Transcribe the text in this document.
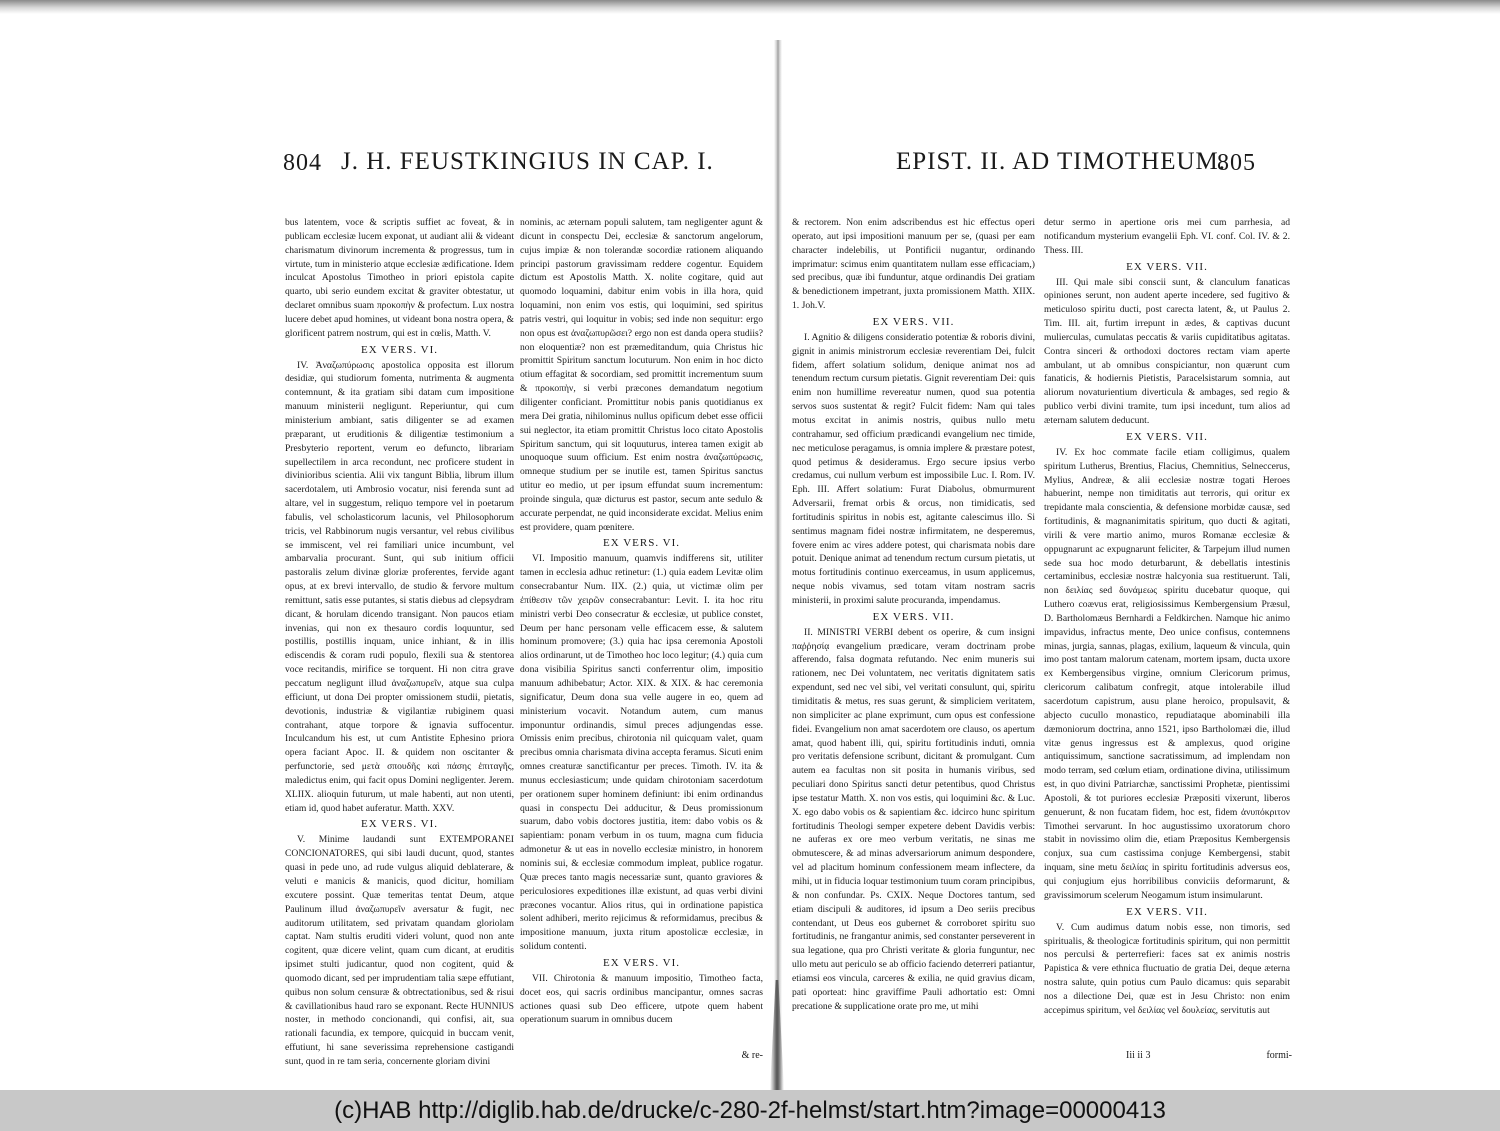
804 J. H. FEUSTKINGIUS IN CAP. I.

bus latentem, voce & scriptis suffiet ac foveat, & in publicam ecclesiæ lucem exponat, ut audiant alii & videant charismatum divinorum incrementa & progressus, tum in virtute, tum in ministerio atque ecclesiæ ædificatione. Idem inculcat Apostolus Timotheo in priori epistola capite quarto, ubi serio eundem excitat & graviter obtestatur, ut declaret omnibus suam προκοπὴν & profectum. Lux nostra lucere debet apud homines, ut videant bona nostra opera, & glorificent patrem nostrum, qui est in cœlis, Matth. V.

EX VERS. VI.

IV. Ἀναζωπύρωσις apostolica opposita est illorum desidiæ, qui studiorum fomenta, nutrimenta & augmenta contemnunt, & ita gratiam sibi datam cum impositione manuum ministerii negligunt. Reperiuntur, qui cum ministerium ambiant, satis diligenter se ad examen præparant, ut eruditionis & diligentiæ testimonium a Presbyterio reportent, verum eo defuncto, librariam supellectilem in arca recondunt, nec proficere student in divinioribus scientia. Alii vix tangunt Biblia, librum illum sacerdotalem, uti Ambrosio vocatur, nisi ferenda sunt ad altare, vel in suggestum, reliquo tempore vel in poetarum fabulis, vel scholasticorum lacunis, vel Philosophorum tricis, vel Rabbinorum nugis versantur, vel rebus civilibus se immiscent, vel rei familiari unice incumbunt, vel ambarvalia procurant. Sunt, qui sub initium officii pastoralis zelum divinæ gloriæ proferentes, fervide agant opus, at ex brevi intervallo, de studio & fervore multum remittunt, satis esse putantes, si statis diebus ad clepsydram dicant, & horulam dicendo transigant. Non paucos etiam invenias, qui non ex thesauro cordis loquuntur, sed postillis, postillis inquam, unice inhiant, & in illis ediscendis & coram rudi populo, flexili sua & stentorea voce recitandis, mirifice se torquent. Hi non citra grave peccatum negligunt illud ἀναζωπυρεῖν, atque sua culpa efficiunt, ut dona Dei propter omissionem studii, pietatis, devotionis, industriæ & vigilantiæ rubiginem quasi contrahant, atque torpore & ignavia suffocentur. Inculcandum his est, ut cum Antistite Ephesino priora opera faciant Apoc. II. & quidem non oscitanter & perfunctorie, sed μετὰ σπουδῆς καὶ πάσης ἐπιταγῆς, maledictus enim, qui facit opus Domini negligenter. Jerem. XLIIX. alioquin futurum, ut male habenti, aut non utenti, etiam id, quod habet auferatur. Matth. XXV.

EX VERS. VI.

V. Minime laudandi sunt EXTEMPORANEI CONCIONATORES, qui sibi laudi ducunt, quod, stantes quasi in pede uno, ad rude vulgus aliquid deblaterare, & veluti e manicis & manicis, quod dicitur, homiliam excutere possint. Quæ temeritas tentat Deum, atque Paulinum illud ἀναζωπυρεῖν aversatur & fugit, nec auditorum utilitatem, sed privatam quandam gloriolam captat. Nam stultis eruditi videri volunt, quod non ante cogitent, quæ dicere velint, quam cum dicant, at eruditis ipsimet stulti judicantur, quod non cogitent, quid & quomodo dicant, sed per imprudentiam talia sæpe effutiant, quibus non solum censuræ & obtrectationibus, sed & risui & cavillationibus haud raro se exponant. Recte HUNNIUS noster, in methodo concionandi, qui confisi, ait, sua rationali facundia, ex tempore, quicquid in buccam venit, effutiunt, hi sane severissima reprehensione castigandi sunt, quod in re tam seria, concernente gloriam divini

nominis, ac æternam populi salutem, tam negligenter agunt & dicunt in conspectu Dei, ecclesiæ & sanctorum angelorum, cujus impiæ & non tolerandæ socordiæ rationem aliquando principi pastorum gravissimam reddere cogentur. Equidem dictum est Apostolis Matth. X. nolite cogitare, quid aut quomodo loquamini, dabitur enim vobis in illa hora, quid loquamini, non enim vos estis, qui loquimini, sed spiritus patris vestri, qui loquitur in vobis; sed inde non sequitur: ergo non opus est ἀναζωπυρῶσει? ergo non est danda opera studiis? non eloquentiæ? non est præmeditandum, quia Christus hic promittit Spiritum sanctum locuturum. Non enim in hoc dicto otium effagitat & socordiam, sed promittit incrementum suum & προκοπὴν, si verbi præcones demandatum negotium diligenter conficiant. Promittitur nobis panis quotidianus ex mera Dei gratia, nihilominus nullus opificum debet esse officii sui neglector, ita etiam promittit Christus loco citato Apostolis Spiritum sanctum, qui sit loquuturus, interea tamen exigit ab unoquoque suum officium. Est enim nostra ἀναζωπύρωσις, omneque studium per se inutile est, tamen Spiritus sanctus utitur eo medio, ut per ipsum effundat suum incrementum: proinde singula, quæ dicturus est pastor, secum ante sedulo & accurate perpendat, ne quid inconsiderate excidat. Melius enim est providere, quam pœnitere.

EX VERS. VI.

VI. Impositio manuum, quamvis indifferens sit, utiliter tamen in ecclesia adhuc retinetur: (1.) quia eadem Levitæ olim consecrabantur Num. IIX. (2.) quia, ut victimæ olim per ἐπίθεσιν τῶν χειρῶν consecrabantur: Levit. I. ita hoc ritu ministri verbi Deo consecratur & ecclesiæ, ut publice constet, Deum per hanc personam velle efficacem esse, & salutem hominum promovere; (3.) quia hac ipsa ceremonia Apostoli alios ordinarunt, ut de Timotheo hoc loco legitur; (4.) quia cum dona visibilia Spiritus sancti conferrentur olim, impositio manuum adhibebatur; Actor. XIX. & XIX. & hac ceremonia significatur, Deum dona sua velle augere in eo, quem ad ministerium vocavit. Notandum autem, cum manus imponuntur ordinandis, simul preces adjungendas esse. Omissis enim precibus, chirotonia nil quicquam valet, quam precibus omnia charismata divina accepta feramus. Sicuti enim omnes creaturæ sanctificantur per preces. Timoth. IV. ita & munus ecclesiasticum; unde quidam chirotoniam sacerdotum per orationem super hominem definiunt: ibi enim ordinandus quasi in conspectu Dei adducitur, & Deus promissionum suarum, dabo vobis doctores justitia, item: dabo vobis os & sapientiam: ponam verbum in os tuum, magna cum fiducia admonetur & ut eas in novello ecclesiæ ministro, in honorem nominis sui, & ecclesiæ commodum impleat, publice rogatur. Quæ preces tanto magis necessariæ sunt, quanto graviores & periculosiores expeditiones illæ existunt, ad quas verbi divini præcones vocantur. Alios ritus, qui in ordinatione papistica solent adhiberi, merito rejicimus & reformidamus, precibus & impositione manuum, juxta ritum apostolicæ ecclesiæ, in solidum contenti.

EX VERS. VI.

VII. Chirotonia & manuum impositio, Timotheo facta, docet eos, qui sacris ordinibus mancipantur, omnes sacras actiones quasi sub Deo efficere, utpote quem habent operationum suarum in omnibus ducem

& re-
EPIST. II. AD TIMOTHEUM.
805

& rectorem. Non enim adscribendus est hic effectus operi operato, aut ipsi impositioni manuum per se, (quasi per eam character indelebilis, ut Pontificii nugantur, ordinando imprimatur: scimus enim quantitatem nullam esse efficaciam,) sed precibus, quæ ibi funduntur, atque ordinandis Dei gratiam & benedictionem impetrant, juxta promissionem Matth. XIIX. 1. Joh.V.

EX VERS. VII.

I. Agnitio & diligens consideratio potentiæ & roboris divini, gignit in animis ministrorum ecclesiæ reverentiam Dei, fulcit fidem, affert solatium solidum, denique animat nos ad tenendum rectum cursum pietatis. Gignit reverentiam Dei: quis enim non humillime revereatur numen, quod sua potentia servos suos sustentat & regit? Fulcit fidem: Nam qui tales motus excitat in animis nostris, quibus nullo metu contrahamur, sed officium prædicandi evangelium nec timide, nec meticulose peragamus, is omnia implere & præstare potest, quod petimus & desideramus. Ergo secure ipsius verbo credamus, cui nullum verbum est impossibile Luc. I. Rom. IV. Eph. III. Affert solatium: Furat Diabolus, obmurmurent Adversarii, fremat orbis & orcus, non timidicatis, sed fortitudinis spiritus in nobis est, agitante calescimus illo. Si sentimus magnam fidei nostræ infirmitatem, ne desperemus, fovere enim ac vires addere potest, qui charismata nobis dare potuit. Denique animat ad tenendum rectum cursum pietatis, ut motus fortitudinis continuo exerceamus, in usum applicemus, neque nobis vivamus, sed totam vitam nostram sacris ministerii, in proximi salute procuranda, impendamus.

EX VERS. VII.

II. MINISTRI VERBI debent os operire, & cum insigni παῤῥησίᾳ evangelium prædicare, veram doctrinam probe afferendo, falsa dogmata refutando. Nec enim muneris sui rationem, nec Dei voluntatem, nec veritatis dignitatem satis expendunt, sed nec vel sibi, vel veritati consulunt, qui, spiritu timiditatis & metus, res suas gerunt, & simpliciem veritatem, non simpliciter ac plane exprimunt, cum opus est confessione fidei. Evangelium non amat sacerdotem ore clauso, os apertum amat, quod habent illi, qui, spiritu fortitudinis induti, omnia pro veritatis defensione scribunt, dicitant & promulgant. Cum autem ea facultas non sit posita in humanis viribus, sed peculiari dono Spiritus sancti detur petentibus, quod Christus ipse testatur Matth. X. non vos estis, qui loquimini &c. & Luc. X. ego dabo vobis os & sapientiam &c. idcirco hunc spiritum fortitudinis Theologi semper expetere debent Davidis verbis: ne auferas ex ore meo verbum veritatis, ne sinas me obmutescere, & ad minas adversariorum animum despondere, vel ad placitum hominum confessionem meam inflectere, da mihi, ut in fiducia loquar testimonium tuum coram principibus, & non confundar. Ps. CXIX. Neque Doctores tantum, sed etiam discipuli & auditores, id ipsum a Deo seriis precibus contendant, ut Deus eos gubernet & corroboret spiritu suo fortitudinis, ne frangantur animis, sed constanter perseverent in sua legatione, qua pro Christi veritate & gloria funguntur, nec ullo metu aut periculo se ab officio faciendo deterreri patiantur, etiamsi eos vincula, carceres & exilia, ne quid gravius dicam, pati oporteat: hinc graviffime Pauli adhortatio est: Omni precatione & supplicatione orate pro me, ut mihi

detur sermo in apertione oris mei cum parrhesia, ad notificandum mysterium evangelii Eph. VI. conf. Col. IV. & 2. Thess. III.

EX VERS. VII.

III. Qui male sibi conscii sunt, & clanculum fanaticas opiniones serunt, non audent aperte incedere, sed fugitivo & meticuloso spiritu ducti, post carecta latent, &, ut Paulus 2. Tim. III. ait, furtim irrepunt in ædes, & captivas ducunt mulierculas, cumulatas peccatis & variis cupiditatibus agitatas. Contra sinceri & orthodoxi doctores rectam viam aperte ambulant, ut ab omnibus conspiciantur, non quærunt cum fanaticis, & hodiernis Pietistis, Paracelsistarum somnia, aut aliorum novaturientium diverticula & ambages, sed regio & publico verbi divini tramite, tum ipsi incedunt, tum alios ad æternam salutem deducunt.

EX VERS. VII.

IV. Ex hoc commate facile etiam colligimus, qualem spiritum Lutherus, Brentius, Flacius, Chemnitius, Selneccerus, Mylius, Andreæ, & alii ecclesiæ nostræ togati Heroes habuerint, nempe non timiditatis aut terroris, qui oritur ex trepidante mala conscientia, & defensione morbidæ causæ, sed fortitudinis, & magnanimitatis spiritum, quo ducti & agitati, virili & vere martio animo, muros Romanæ ecclesiæ & oppugnarunt ac expugnarunt feliciter, & Tarpejum illud numen sede sua hoc modo deturbarunt, & debellatis intestinis certaminibus, ecclesiæ nostræ halcyonia sua restituerunt. Tali, non δειλίας sed δυνάμεως spiritu ducebatur quoque, qui Luthero coævus erat, religiosissimus Kembergensium Præsul, D. Bartholomæus Bernhardi a Feldkirchen. Namque hic animo impavidus, infractus mente, Deo unice confisus, contemnens minas, jurgia, sannas, plagas, exilium, laqueum & vincula, quin imo post tantam malorum catenam, mortem ipsam, ducta uxore ex Kembergensibus virgine, omnium Clericorum primus, clericorum calibatum confregit, atque intolerabile illud sacerdotum capistrum, ausu plane heroico, propulsavit, & abjecto cucullo monastico, repudiataque abominabili illa dæmoniorum doctrina, anno 1521, ipso Bartholomæi die, illud vitæ genus ingressus est & amplexus, quod origine antiquissimum, sanctione sacratissimum, ad implendam non modo terram, sed cœlum etiam, ordinatione divina, utilissimum est, in quo divini Patriarchæ, sanctissimi Prophetæ, pientissimi Apostoli, & tot puriores ecclesiæ Præpositi vixerunt, liberos genuerunt, & non fucatam fidem, hoc est, fidem ἀνυπόκριτον Timothei servarunt. In hoc augustissimo uxoratorum choro stabit in novissimo olim die, etiam Præpositus Kembergensis conjux, sua cum castissima conjuge Kembergensi, stabit inquam, sine metu δειλίας in spiritu fortitudinis adversus eos, qui conjugium ejus horribilibus conviciis deformarunt, & gravissimorum scelerum Neogamum istum insimularunt.

EX VERS. VII.

V. Cum audimus datum nobis esse, non timoris, sed spiritualis, & theologicæ fortitudinis spiritum, qui non permittit nos perculsi & perterrefieri: faces sat ex animis nostris Papistica & vere ethnica fluctuatio de gratia Dei, deque æterna nostra salute, quin potius cum Paulo dicamus: quis separabit nos a dilectione Dei, quæ est in Jesu Christo: non enim accepimus spiritum, vel δειλίας vel δουλείας, servitutis aut

Iii ii 3	formi-
(c)HAB http://diglib.hab.de/drucke/c-280-2f-helmst/start.htm?image=00000413
